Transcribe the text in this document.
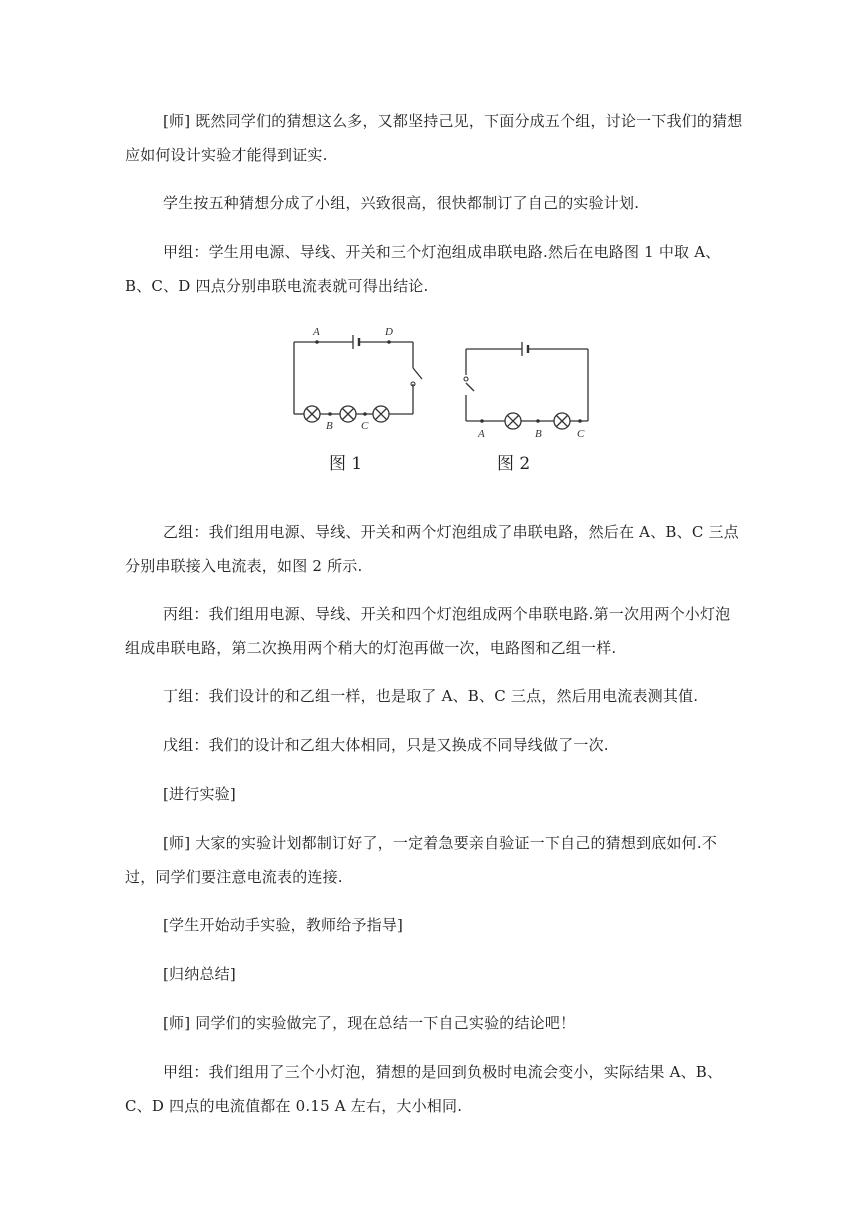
[师] 既然同学们的猜想这么多，又都坚持己见，下面分成五个组，讨论一下我们的猜想应如何设计实验才能得到证实.
学生按五种猜想分成了小组，兴致很高，很快都制订了自己的实验计划.
甲组：学生用电源、导线、开关和三个灯泡组成串联电路.然后在电路图 1 中取 A、B、C、D 四点分别串联电流表就可得出结论.
A	D
B	C
图 1
A	B	C
图 2
乙组：我们组用电源、导线、开关和两个灯泡组成了串联电路，然后在 A、B、C 三点分别串联接入电流表，如图 2 所示.
丙组：我们组用电源、导线、开关和四个灯泡组成两个串联电路.第一次用两个小灯泡组成串联电路，第二次换用两个稍大的灯泡再做一次，电路图和乙组一样.
丁组：我们设计的和乙组一样，也是取了 A、B、C 三点，然后用电流表测其值.
戊组：我们的设计和乙组大体相同，只是又换成不同导线做了一次.
[进行实验]
[师] 大家的实验计划都制订好了，一定着急要亲自验证一下自己的猜想到底如何.不过，同学们要注意电流表的连接.
[学生开始动手实验，教师给予指导]
[归纳总结]
[师] 同学们的实验做完了，现在总结一下自己实验的结论吧！
甲组：我们组用了三个小灯泡，猜想的是回到负极时电流会变小，实际结果 A、B、C、D 四点的电流值都在 0.15 A 左右，大小相同.
